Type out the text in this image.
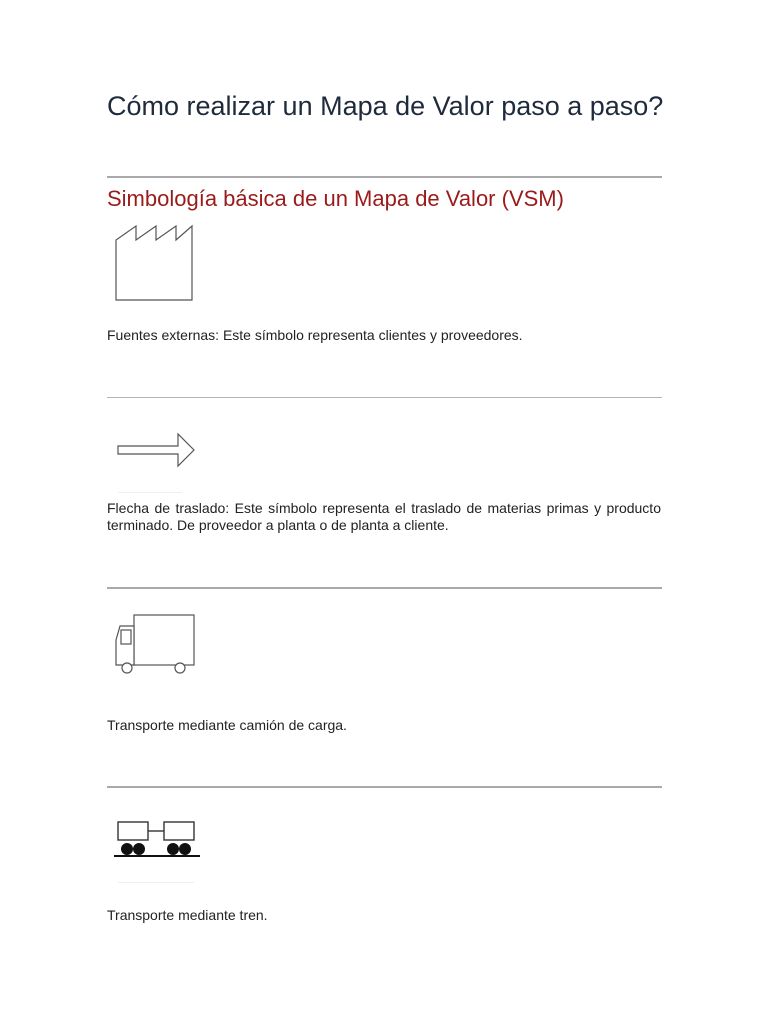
Cómo realizar un Mapa de Valor paso a paso?
Simbología básica de un Mapa de Valor (VSM)

Fuentes externas: Este símbolo representa clientes y proveedores.

Flecha de traslado: Este símbolo representa el traslado de materias primas y producto terminado. De proveedor a planta o de planta a cliente.

Transporte mediante camión de carga.

Transporte mediante tren.
